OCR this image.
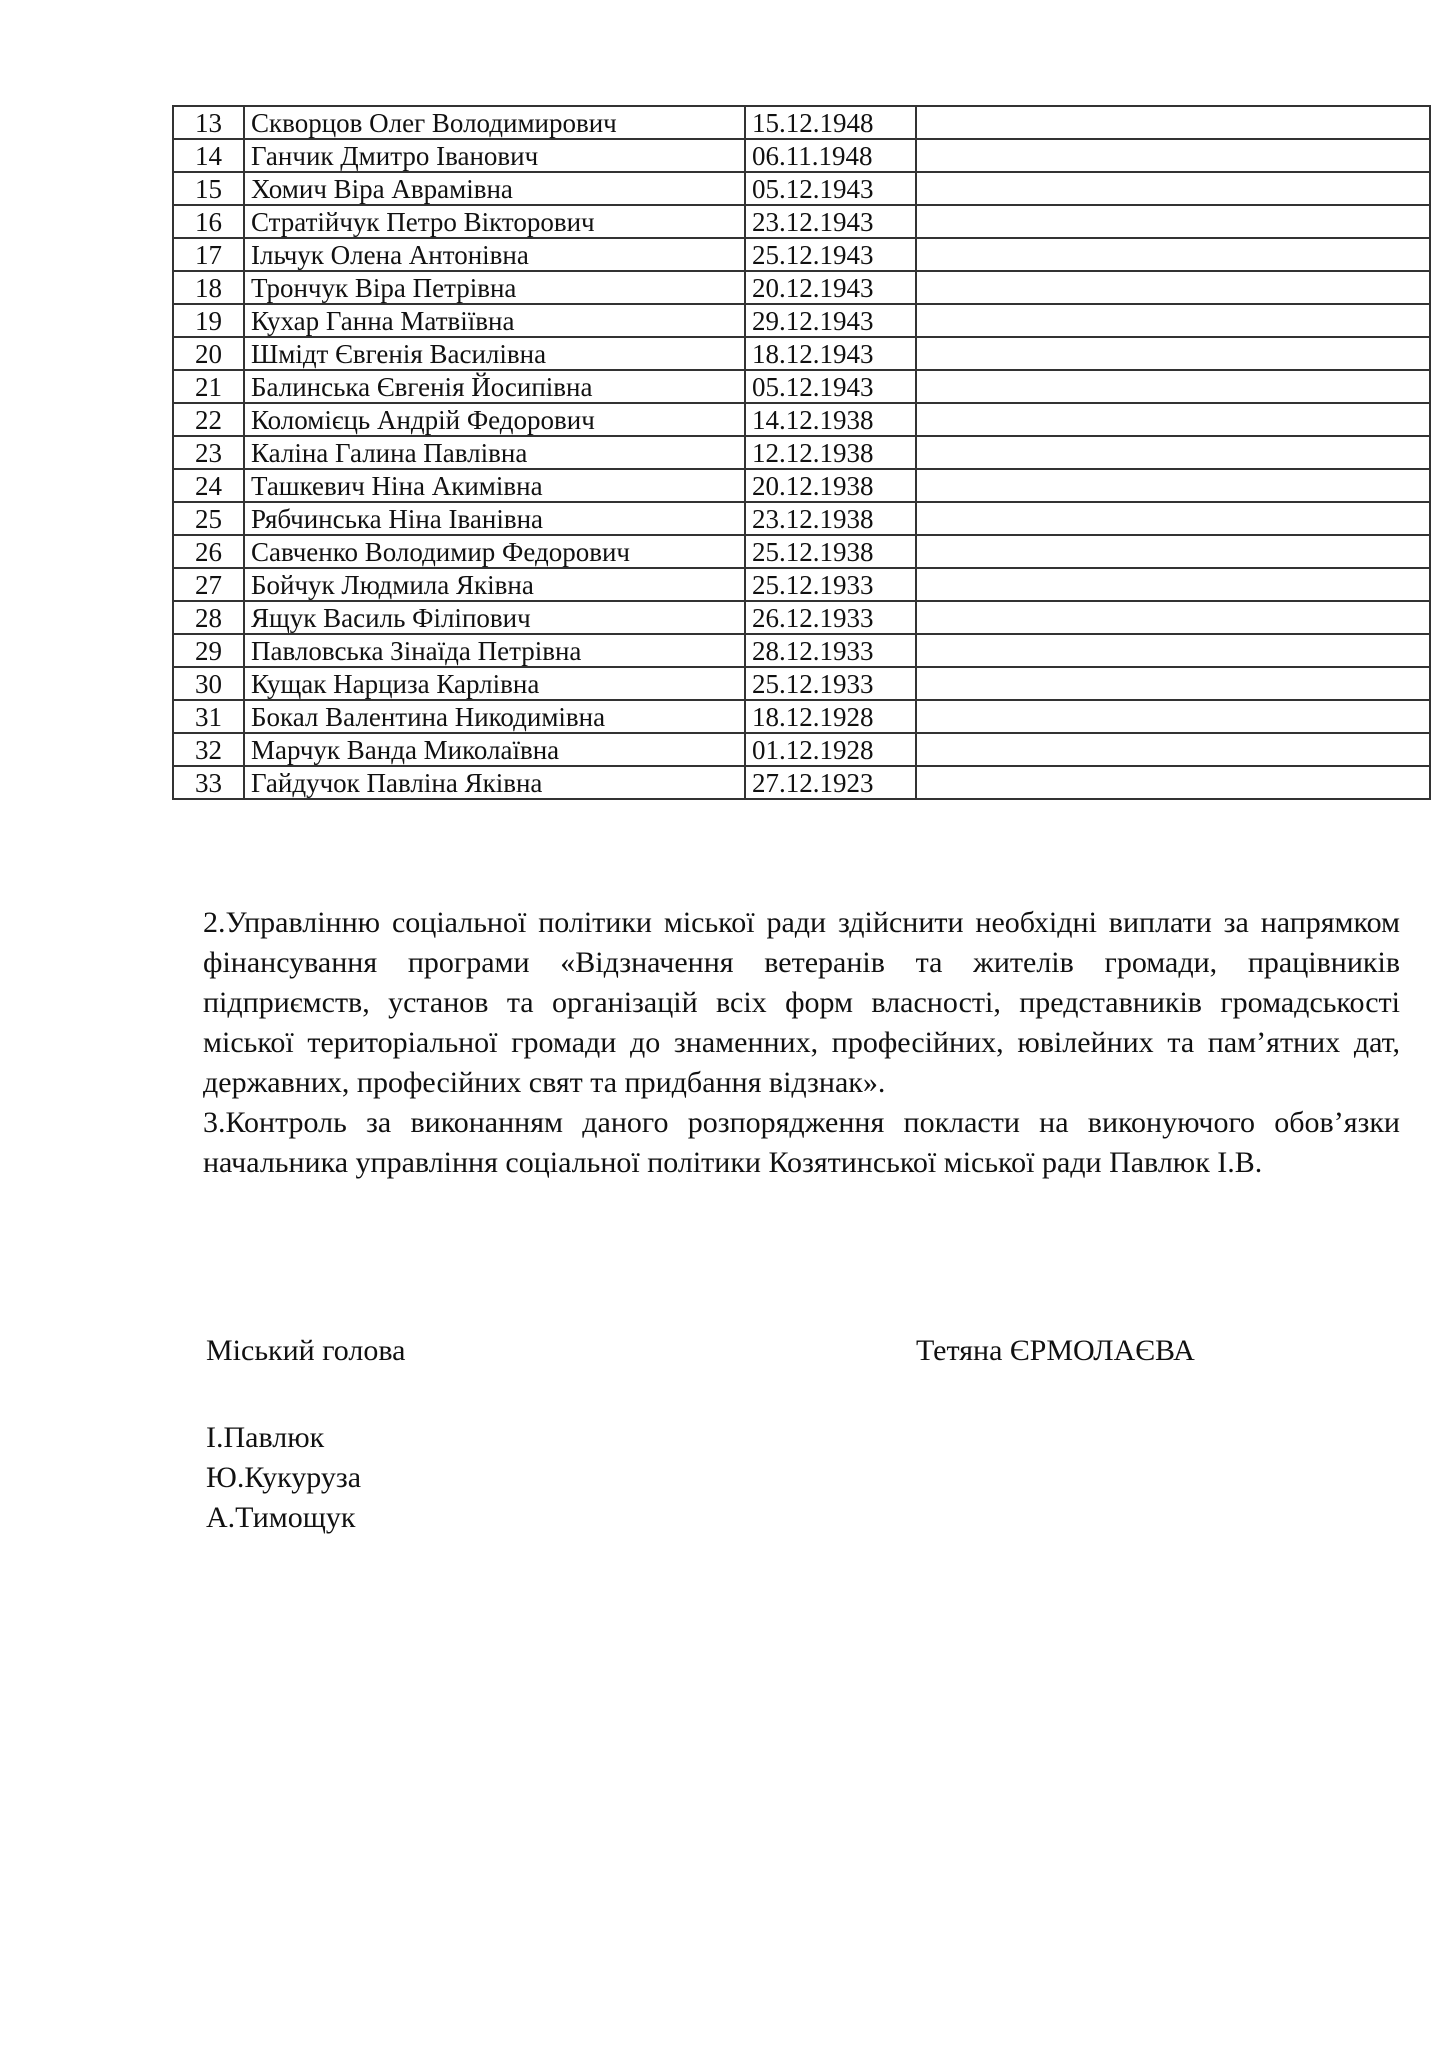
13	Скворцов Олег Володимирович	15.12.1948	
14	Ганчик Дмитро Іванович	06.11.1948	
15	Хомич Віра Аврамівна	05.12.1943	
16	Стратійчук Петро Вікторович	23.12.1943	
17	Ільчук Олена Антонівна	25.12.1943	
18	Трончук Віра Петрівна	20.12.1943	
19	Кухар Ганна Матвіївна	29.12.1943	
20	Шмідт Євгенія Василівна	18.12.1943	
21	Балинська Євгенія Йосипівна	05.12.1943	
22	Коломієць Андрій Федорович	14.12.1938	
23	Каліна Галина Павлівна	12.12.1938	
24	Ташкевич Ніна Акимівна	20.12.1938	
25	Рябчинська Ніна Іванівна	23.12.1938	
26	Савченко Володимир Федорович	25.12.1938	
27	Бойчук Людмила Яківна	25.12.1933	
28	Ящук Василь Філіпович	26.12.1933	
29	Павловська Зінаїда Петрівна	28.12.1933	
30	Кущак Нарциза Карлівна	25.12.1933	
31	Бокал Валентина Никодимівна	18.12.1928	
32	Марчук Ванда Миколаївна	01.12.1928	
33	Гайдучок Павліна Яківна	27.12.1923	

2.Управлінню соціальної політики міської ради здійснити необхідні виплати за напрямком фінансування програми «Відзначення ветеранів та жителів громади, працівників підприємств, установ та організацій всіх форм власності, представників громадськості міської територіальної громади до знаменних, професійних, ювілейних та пам’ятних дат, державних, професійних свят та придбання відзнак».

3.Контроль за виконанням даного розпорядження покласти на виконуючого обов’язки начальника управління соціальної політики Козятинської міської ради Павлюк І.В.

Міський голова	Тетяна ЄРМОЛАЄВА
І.Павлюк
Ю.Кукуруза
А.Тимощук
